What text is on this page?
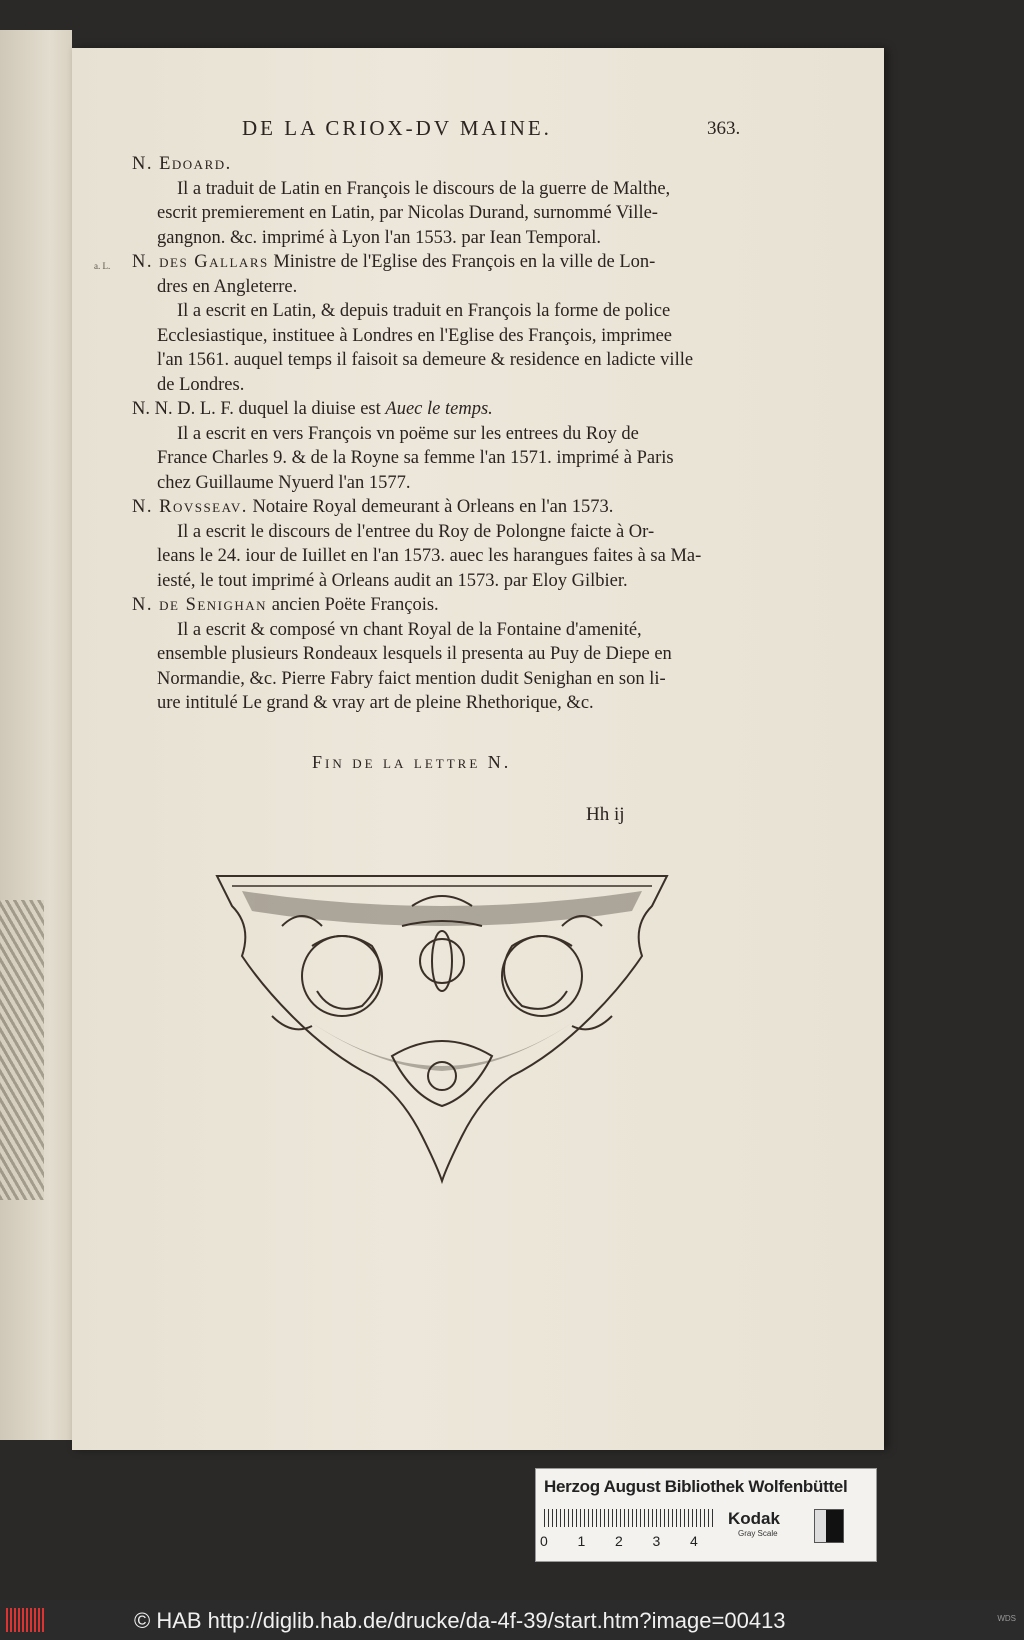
DE LA CRIOX-DV MAINE.	363.

N. Edoard.

Il a traduit de Latin en François le discours de la guerre de Malthe,
escrit premierement en Latin, par Nicolas Durand, surnommé Ville-
gangnon. &c. imprimé à Lyon l'an 1553. par Iean Temporal.

a. L. N. des Gallars Ministre de l'Eglise des François en la ville de Lon-

dres en Angleterre.

Il a escrit en Latin, & depuis traduit en François la forme de police
Ecclesiastique, instituee à Londres en l'Eglise des François, imprimee
l'an 1561. auquel temps il faisoit sa demeure & residence en ladicte ville
de Londres.

N. N. D. L. F. duquel la diuise est Auec le temps.

Il a escrit en vers François vn poëme sur les entrees du Roy de
France Charles 9. & de la Royne sa femme l'an 1571. imprimé à Paris
chez Guillaume Nyuerd l'an 1577.

N. Rovsseav. Notaire Royal demeurant à Orleans en l'an 1573.

Il a escrit le discours de l'entree du Roy de Polongne faicte à Or-
leans le 24. iour de Iuillet en l'an 1573. auec les harangues faites à sa Ma-
iesté, le tout imprimé à Orleans audit an 1573. par Eloy Gilbier.

N. de Senighan ancien Poëte François.

Il a escrit & composé vn chant Royal de la Fontaine d'amenité,
ensemble plusieurs Rondeaux lesquels il presenta au Puy de Diepe en
Normandie, &c. Pierre Fabry faict mention dudit Senighan en son li-
ure intitulé Le grand & vray art de pleine Rhethorique, &c.

Fin de la lettre N.
Hh ij
Herzog August Bibliothek Wolfenbüttel
0	1	2	3	4
Kodak
Gray Scale
© HAB http://diglib.hab.de/drucke/da-4f-39/start.htm?image=00413	WDS
